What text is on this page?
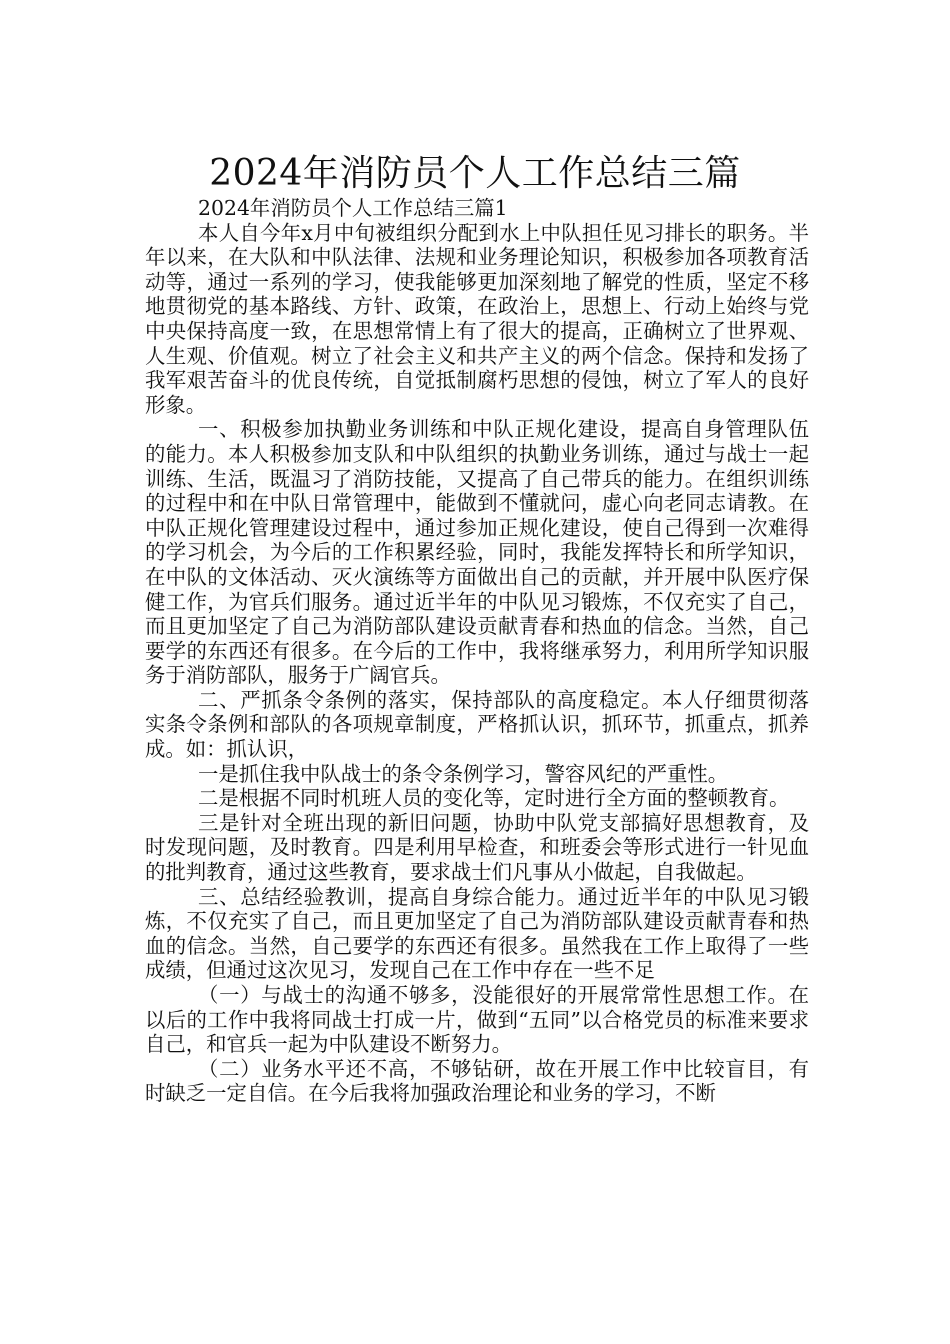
2024年消防员个人工作总结三篇

2024年消防员个人工作总结三篇1

本人自今年x月中旬被组织分配到水上中队担任见习排长的职务。半年以来，在大队和中队法律、法规和业务理论知识，积极参加各项教育活动等，通过一系列的学习，使我能够更加深刻地了解党的性质，坚定不移地贯彻党的基本路线、方针、政策，在政治上，思想上、行动上始终与党中央保持高度一致，在思想常情上有了很大的提高，正确树立了世界观、人生观、价值观。树立了社会主义和共产主义的两个信念。保持和发扬了我军艰苦奋斗的优良传统，自觉抵制腐朽思想的侵蚀，树立了军人的良好形象。

一、积极参加执勤业务训练和中队正规化建设，提高自身管理队伍的能力。本人积极参加支队和中队组织的执勤业务训练，通过与战士一起训练、生活，既温习了消防技能，又提高了自己带兵的能力。在组织训练的过程中和在中队日常管理中，能做到不懂就问，虚心向老同志请教。在中队正规化管理建设过程中，通过参加正规化建设，使自己得到一次难得的学习机会，为今后的工作积累经验，同时，我能发挥特长和所学知识，在中队的文体活动、灭火演练等方面做出自己的贡献，并开展中队医疗保健工作，为官兵们服务。通过近半年的中队见习锻炼，不仅充实了自己，而且更加坚定了自己为消防部队建设贡献青春和热血的信念。当然，自己要学的东西还有很多。在今后的工作中，我将继承努力，利用所学知识服务于消防部队，服务于广阔官兵。

二、严抓条令条例的落实，保持部队的高度稳定。本人仔细贯彻落实条令条例和部队的各项规章制度，严格抓认识，抓环节，抓重点，抓养成。如：抓认识，

一是抓住我中队战士的条令条例学习，警容风纪的严重性。

二是根据不同时机班人员的变化等，定时进行全方面的整顿教育。

三是针对全班出现的新旧问题，协助中队党支部搞好思想教育，及时发现问题，及时教育。四是利用早检查，和班委会等形式进行一针见血的批判教育，通过这些教育，要求战士们凡事从小做起，自我做起。

三、总结经验教训，提高自身综合能力。通过近半年的中队见习锻炼，不仅充实了自己，而且更加坚定了自己为消防部队建设贡献青春和热血的信念。当然，自己要学的东西还有很多。虽然我在工作上取得了一些成绩，但通过这次见习，发现自己在工作中存在一些不足

（一）与战士的沟通不够多，没能很好的开展常常性思想工作。在以后的工作中我将同战士打成一片，做到“五同”以合格党员的标准来要求自己，和官兵一起为中队建设不断努力。

（二）业务水平还不高，不够钻研，故在开展工作中比较盲目，有时缺乏一定自信。在今后我将加强政治理论和业务的学习，不断
